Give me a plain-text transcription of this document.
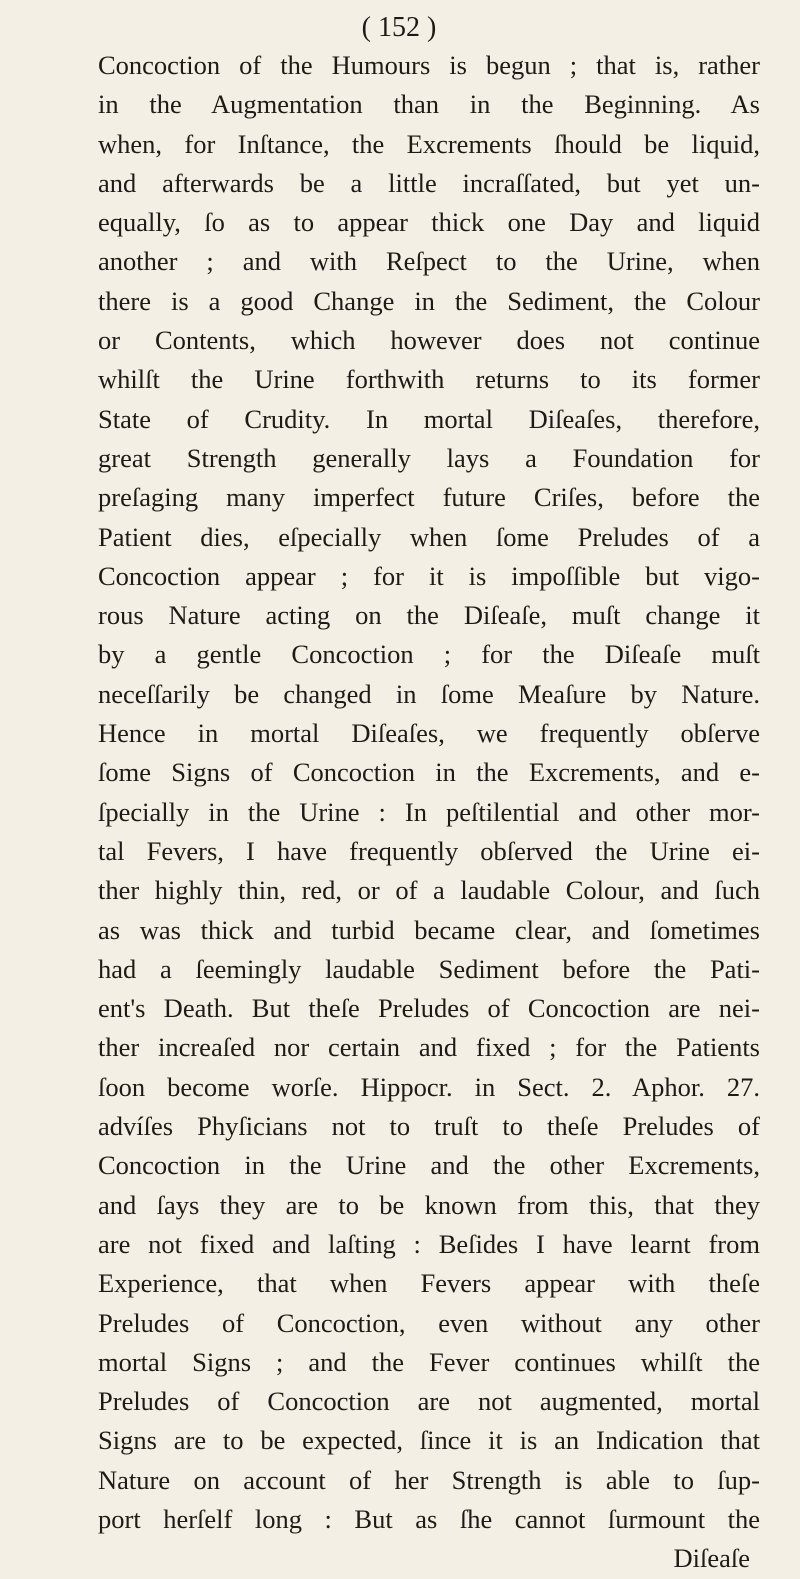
( 152 )
Concoction of the Humours is begun ; that is, rather
in the Augmentation than in the Beginning. As
when, for Inſtance, the Excrements ſhould be liquid,
and afterwards be a little incraſſated, but yet un-
equally, ſo as to appear thick one Day and liquid
another ; and with Reſpect to the Urine, when
there is a good Change in the Sediment, the Colour
or Contents, which however does not continue
whilſt the Urine forthwith returns to its former
State of Crudity. In mortal Diſeaſes, therefore,
great Strength generally lays a Foundation for
preſaging many imperfect future Criſes, before the
Patient dies, eſpecially when ſome Preludes of a
Concoction appear ; for it is impoſſible but vigo-
rous Nature acting on the Diſeaſe, muſt change it
by a gentle Concoction ; for the Diſeaſe muſt
neceſſarily be changed in ſome Meaſure by Nature.
Hence in mortal Diſeaſes, we frequently obſerve
ſome Signs of Concoction in the Excrements, and e-
ſpecially in the Urine : In peſtilential and other mor-
tal Fevers, I have frequently obſerved the Urine ei-
ther highly thin, red, or of a laudable Colour, and ſuch
as was thick and turbid became clear, and ſometimes
had a ſeemingly laudable Sediment before the Pati-
ent's Death. But theſe Preludes of Concoction are nei-
ther increaſed nor certain and fixed ; for the Patients
ſoon become worſe. Hippocr. in Sect. 2. Aphor. 27.
advíſes Phyſicians not to truſt to theſe Preludes of
Concoction in the Urine and the other Excrements,
and ſays they are to be known from this, that they
are not fixed and laſting : Beſides I have learnt from
Experience, that when Fevers appear with theſe
Preludes of Concoction, even without any other
mortal Signs ; and the Fever continues whilſt the
Preludes of Concoction are not augmented, mortal
Signs are to be expected, ſince it is an Indication that
Nature on account of her Strength is able to ſup-
port herſelf long : But as ſhe cannot ſurmount the
Diſeaſe
